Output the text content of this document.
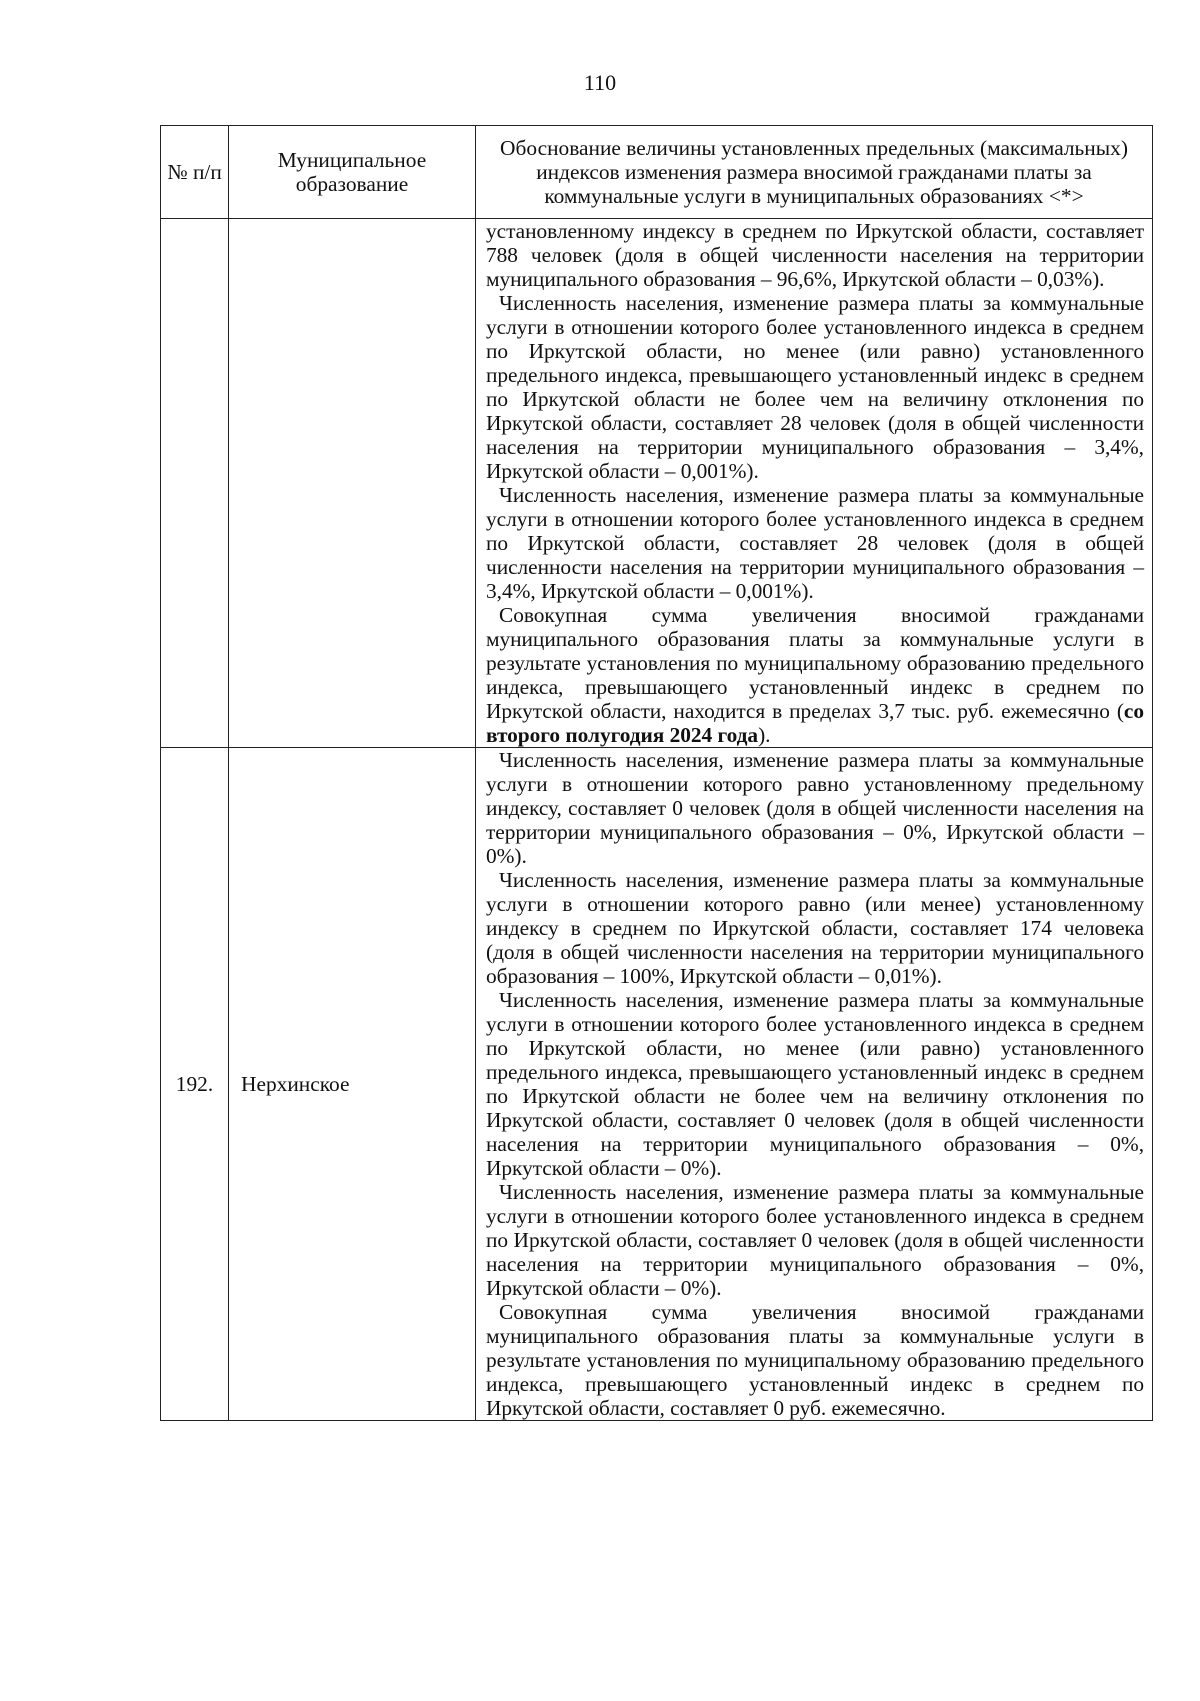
110
№ п/п	Муниципальное образование	Обоснование величины установленных предельных (максимальных) индексов изменения размера вносимой гражданами платы за коммунальные услуги в муниципальных образованиях <*>

		установленному индексу в среднем по Иркутской области, составляет 788 человек (доля в общей численности населения на территории муниципального образования – 96,6%, Иркутской области – 0,03%).

Численность населения, изменение размера платы за коммунальные услуги в отношении которого более установленного индекса в среднем по Иркутской области, но менее (или равно) установленного предельного индекса, превышающего установленный индекс в среднем по Иркутской области не более чем на величину отклонения по Иркутской области, составляет 28 человек (доля в общей численности населения на территории муниципального образования – 3,4%, Иркутской области – 0,001%).

Численность населения, изменение размера платы за коммунальные услуги в отношении которого более установленного индекса в среднем по Иркутской области, составляет 28 человек (доля в общей численности населения на территории муниципального образования – 3,4%, Иркутской области – 0,001%).

Совокупная сумма увеличения вносимой гражданами муниципального образования платы за коммунальные услуги в результате установления по муниципальному образованию предельного индекса, превышающего установленный индекс в среднем по Иркутской области, находится в пределах 3,7 тыс. руб. ежемесячно (со второго полугодия 2024 года).

192.	Нерхинское	Численность населения, изменение размера платы за коммунальные услуги в отношении которого равно установленному предельному индексу, составляет 0 человек (доля в общей численности населения на территории муниципального образования – 0%, Иркутской области – 0%).

Численность населения, изменение размера платы за коммунальные услуги в отношении которого равно (или менее) установленному индексу в среднем по Иркутской области, составляет 174 человека (доля в общей численности населения на территории муниципального образования – 100%, Иркутской области – 0,01%).

Численность населения, изменение размера платы за коммунальные услуги в отношении которого более установленного индекса в среднем по Иркутской области, но менее (или равно) установленного предельного индекса, превышающего установленный индекс в среднем по Иркутской области не более чем на величину отклонения по Иркутской области, составляет 0 человек (доля в общей численности населения на территории муниципального образования – 0%, Иркутской области – 0%).

Численность населения, изменение размера платы за коммунальные услуги в отношении которого более установленного индекса в среднем по Иркутской области, составляет 0 человек (доля в общей численности населения на территории муниципального образования – 0%, Иркутской области – 0%).

Совокупная сумма увеличения вносимой гражданами муниципального образования платы за коммунальные услуги в результате установления по муниципальному образованию предельного индекса, превышающего установленный индекс в среднем по Иркутской области, составляет 0 руб. ежемесячно.
